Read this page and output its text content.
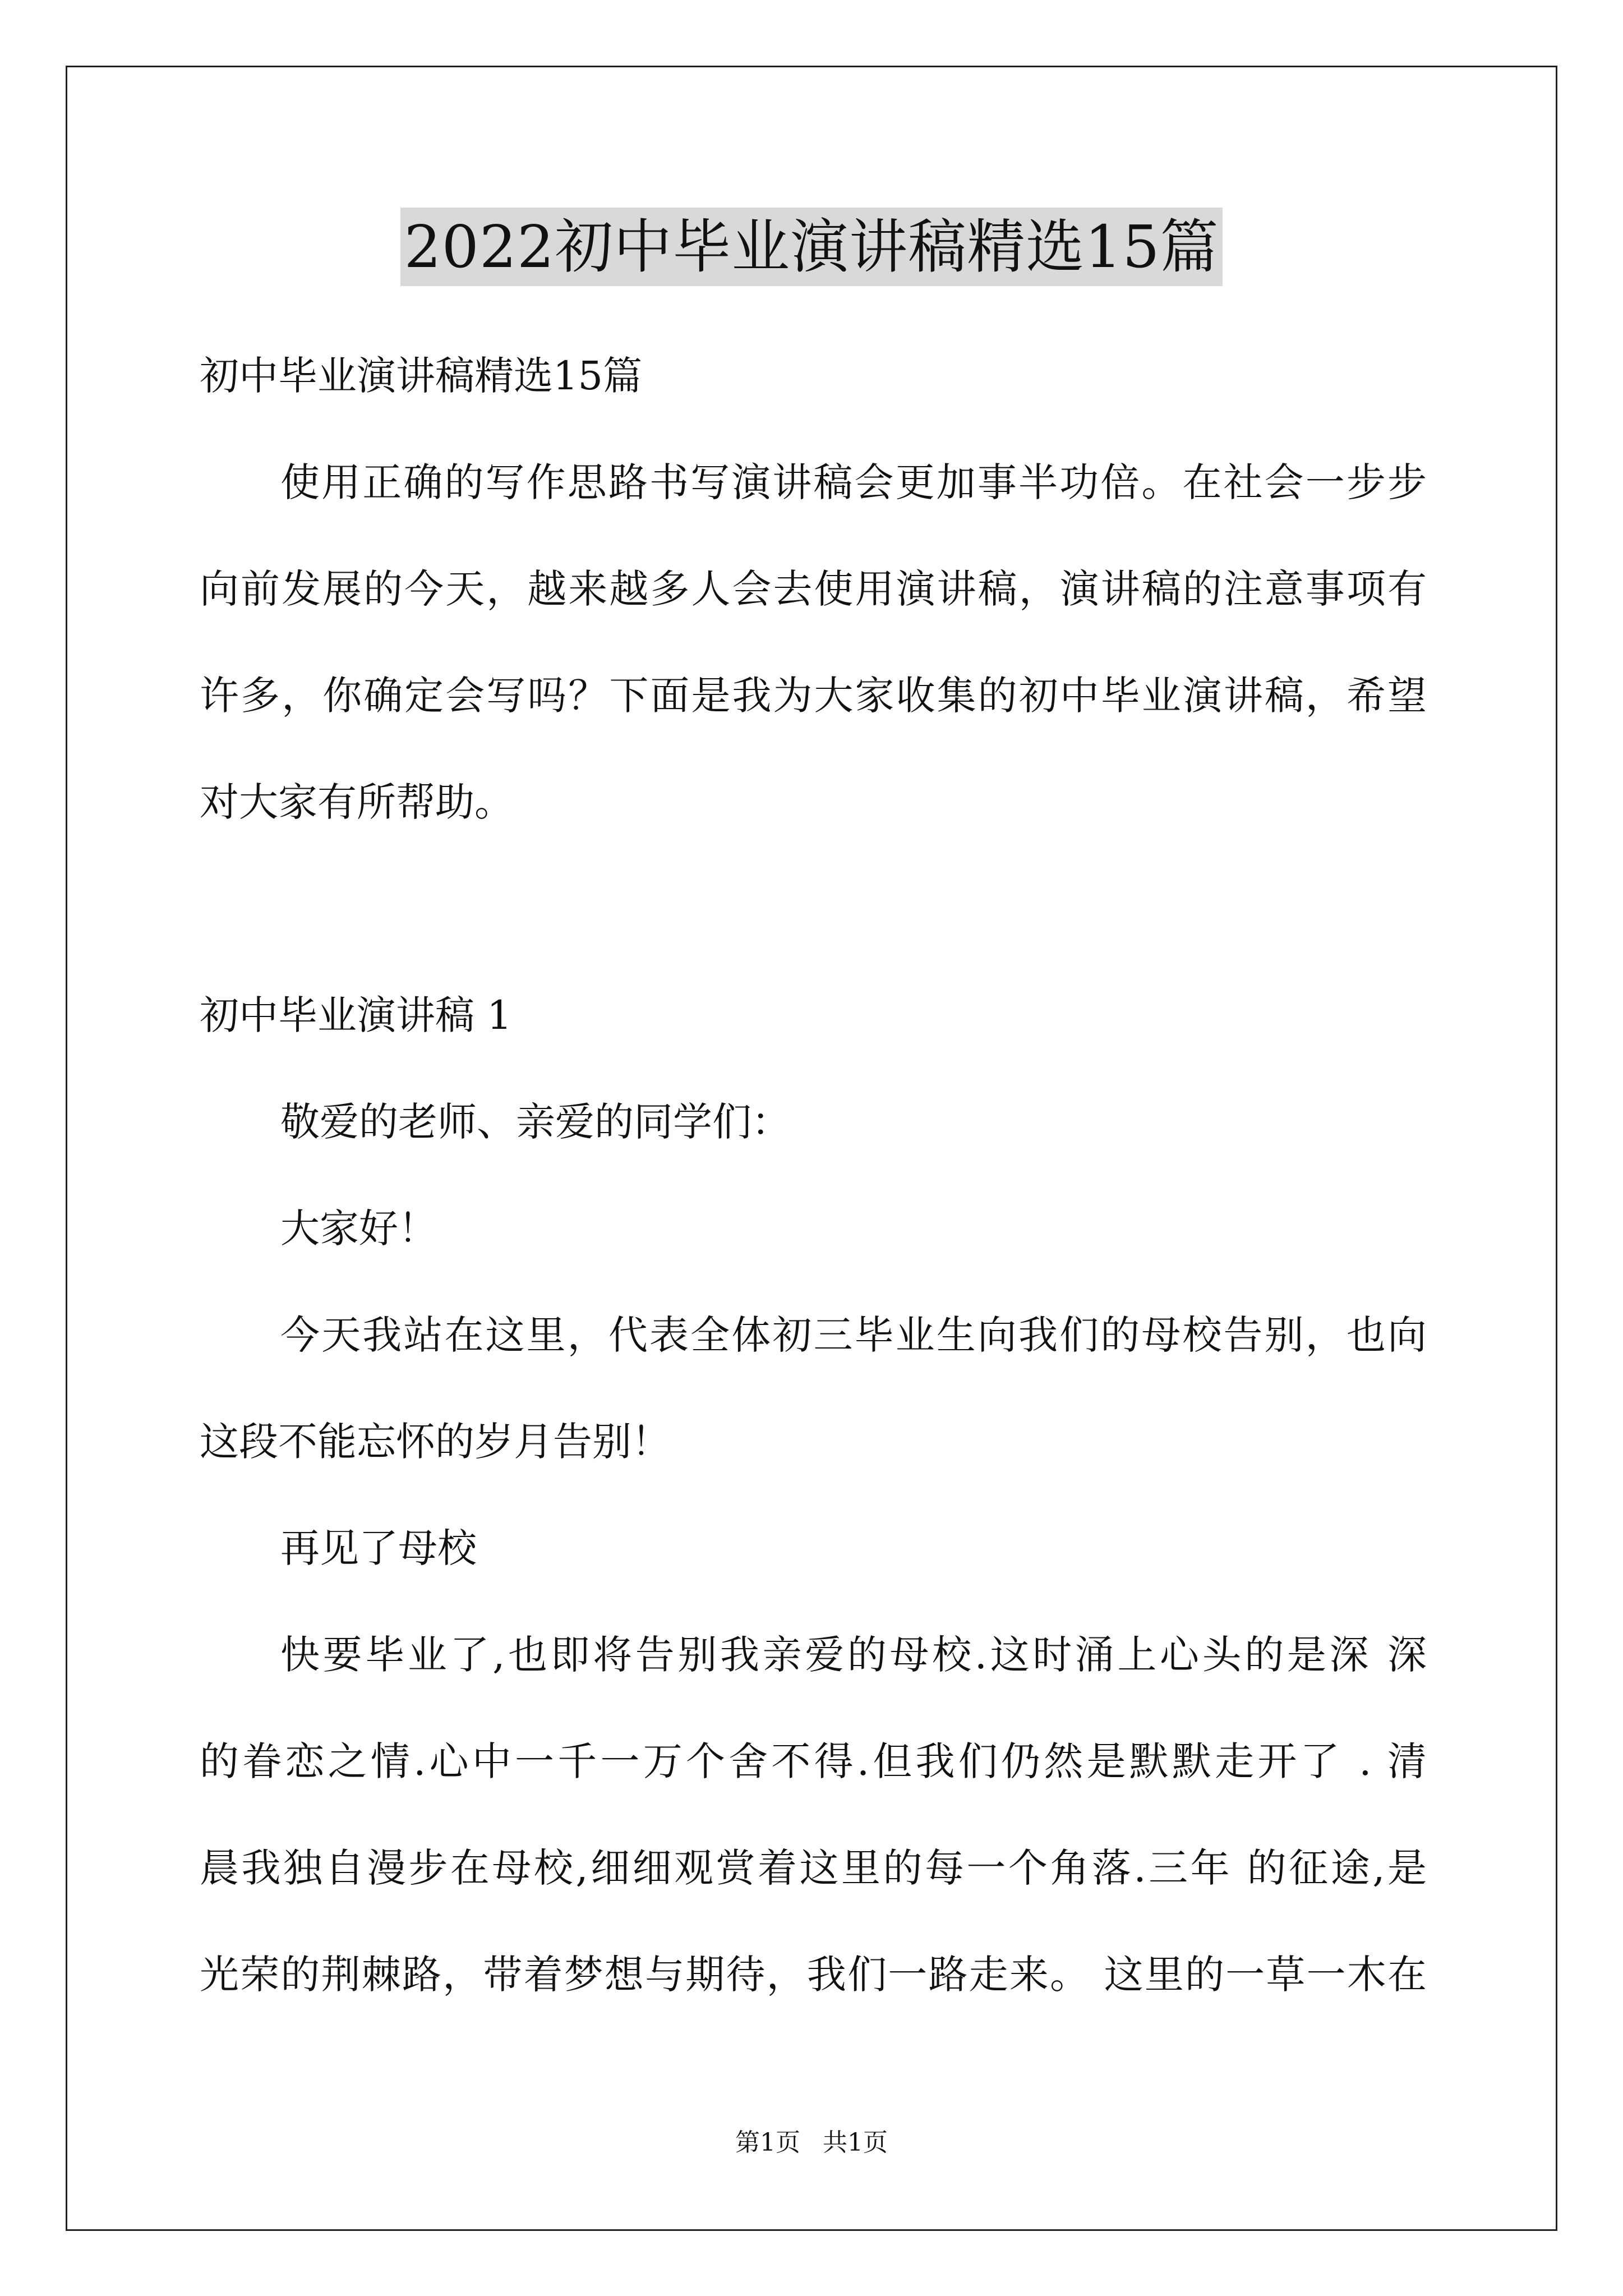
2022初中毕业演讲稿精选15篇

初中毕业演讲稿精选15篇

使用正确的写作思路书写演讲稿会更加事半功倍。在社会一步步

向前发展的今天，越来越多人会去使用演讲稿，演讲稿的注意事项有

许多，你确定会写吗？下面是我为大家收集的初中毕业演讲稿，希望

对大家有所帮助。

初中毕业演讲稿 1

敬爱的老师、亲爱的同学们：

大家好！

今天我站在这里，代表全体初三毕业生向我们的母校告别，也向

这段不能忘怀的岁月告别！

再见了母校

快要毕业了,也即将告别我亲爱的母校.这时涌上心头的是深 深

的眷恋之情.心中一千一万个舍不得.但我们仍然是默默走开了 . 清

晨我独自漫步在母校,细细观赏着这里的每一个角落.三年 的征途,是

光荣的荆棘路，带着梦想与期待，我们一路走来。 这里的一草一木在

第1页 共1页
